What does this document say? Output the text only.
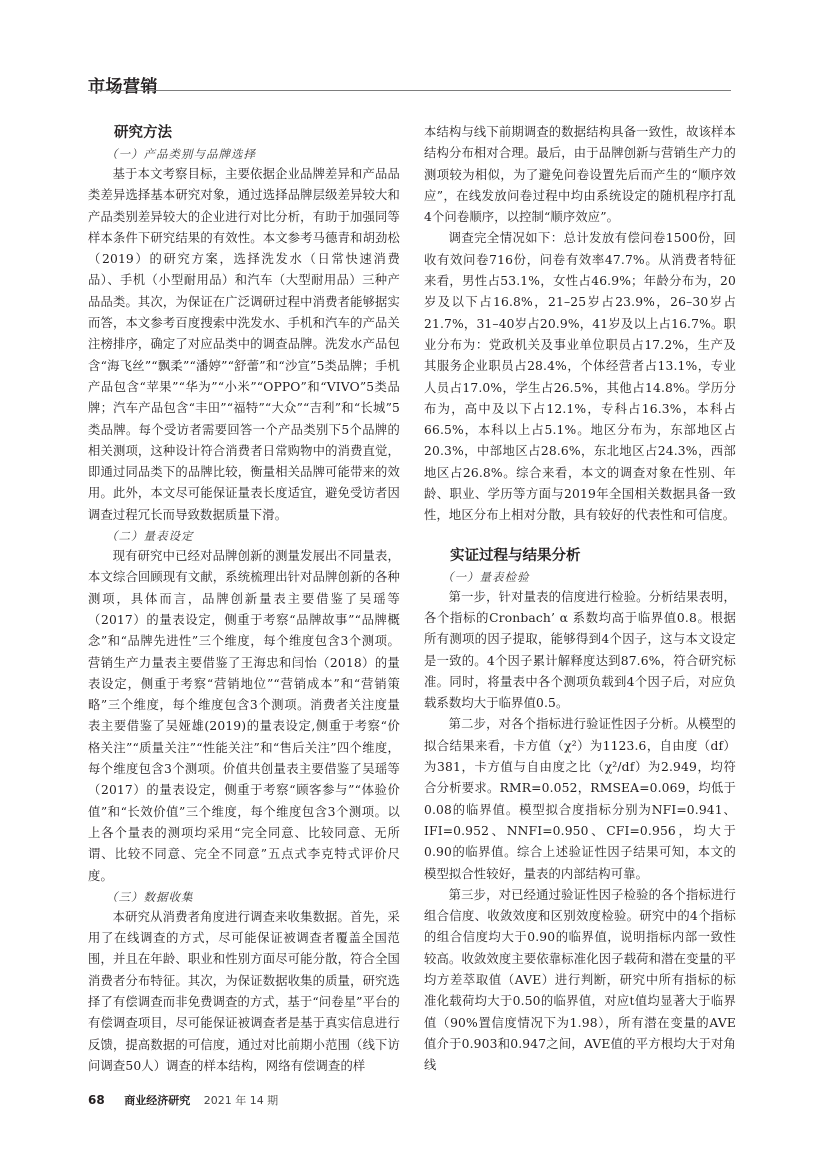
市场营销
研究方法
（一）产品类别与品牌选择

基于本文考察目标，主要依据企业品牌差异和产品品类差异选择基本研究对象，通过选择品牌层级差异较大和产品类别差异较大的企业进行对比分析，有助于加强同等样本条件下研究结果的有效性。本文参考马德青和胡劲松（2019）的研究方案，选择洗发水（日常快速消费品）、手机（小型耐用品）和汽车（大型耐用品）三种产品品类。其次，为保证在广泛调研过程中消费者能够据实而答，本文参考百度搜索中洗发水、手机和汽车的产品关注榜排序，确定了对应品类中的调查品牌。洗发水产品包含“海飞丝”“飘柔”“潘婷”“舒蕾”和“沙宣”5类品牌；手机产品包含“苹果”“华为”“小米”“OPPO”和“VIVO”5类品牌；汽车产品包含“丰田”“福特”“大众”“吉利”和“长城”5类品牌。每个受访者需要回答一个产品类别下5个品牌的相关测项，这种设计符合消费者日常购物中的消费直觉，即通过同品类下的品牌比较，衡量相关品牌可能带来的效用。此外，本文尽可能保证量表长度适宜，避免受访者因调查过程冗长而导致数据质量下滑。

（二）量表设定

现有研究中已经对品牌创新的测量发展出不同量表，本文综合回顾现有文献，系统梳理出针对品牌创新的各种测项，具体而言，品牌创新量表主要借鉴了吴瑶等（2017）的量表设定，侧重于考察“品牌故事”“品牌概念”和“品牌先进性”三个维度，每个维度包含3个测项。营销生产力量表主要借鉴了王海忠和闫怡（2018）的量表设定，侧重于考察“营销地位”“营销成本”和“营销策略”三个维度，每个维度包含3个测项。消费者关注度量表主要借鉴了吴娅雄(2019)的量表设定,侧重于考察“价格关注”“质量关注”“性能关注”和“售后关注”四个维度，每个维度包含3个测项。价值共创量表主要借鉴了吴瑶等（2017）的量表设定，侧重于考察“顾客参与”“体验价值”和“长效价值”三个维度，每个维度包含3个测项。以上各个量表的测项均采用“完全同意、比较同意、无所谓、比较不同意、完全不同意”五点式李克特式评价尺度。

（三）数据收集

本研究从消费者角度进行调查来收集数据。首先，采用了在线调查的方式，尽可能保证被调查者覆盖全国范围，并且在年龄、职业和性别方面尽可能分散，符合全国消费者分布特征。其次，为保证数据收集的质量，研究选择了有偿调查而非免费调查的方式，基于“问卷星”平台的有偿调查项目，尽可能保证被调查者是基于真实信息进行反馈，提高数据的可信度，通过对比前期小范围（线下访问调查50人）调查的样本结构，网络有偿调查的样

本结构与线下前期调查的数据结构具备一致性，故该样本结构分布相对合理。最后，由于品牌创新与营销生产力的测项较为相似，为了避免问卷设置先后而产生的“顺序效应”，在线发放问卷过程中均由系统设定的随机程序打乱4个问卷顺序，以控制“顺序效应”。

调查完全情况如下：总计发放有偿问卷1500份，回收有效问卷716份，问卷有效率47.7%。从消费者特征来看，男性占53.1%，女性占46.9%；年龄分布为，20岁及以下占16.8%，21–25岁占23.9%，26–30岁占21.7%，31–40岁占20.9%，41岁及以上占16.7%。职业分布为：党政机关及事业单位职员占17.2%，生产及其服务企业职员占28.4%，个体经营者占13.1%，专业人员占17.0%，学生占26.5%，其他占14.8%。学历分布为，高中及以下占12.1%，专科占16.3%，本科占66.5%，本科以上占5.1%。地区分布为，东部地区占20.3%，中部地区占28.6%，东北地区占24.3%，西部地区占26.8%。综合来看，本文的调查对象在性别、年龄、职业、学历等方面与2019年全国相关数据具备一致性，地区分布上相对分散，具有较好的代表性和可信度。

实证过程与结果分析
（一）量表检验

第一步，针对量表的信度进行检验。分析结果表明，各个指标的Cronbach’ α 系数均高于临界值0.8。根据所有测项的因子提取，能够得到4个因子，这与本文设定是一致的。4个因子累计解释度达到87.6%，符合研究标准。同时，将量表中各个测项负载到4个因子后，对应负载系数均大于临界值0.5。

第二步，对各个指标进行验证性因子分析。从模型的拟合结果来看，卡方值（χ²）为1123.6，自由度（df）为381，卡方值与自由度之比（χ²/df）为2.949，均符合分析要求。RMR=0.052，RMSEA=0.069，均低于0.08的临界值。模型拟合度指标分别为NFI=0.941、IFI=0.952、NNFI=0.950、CFI=0.956，均大于0.90的临界值。综合上述验证性因子结果可知，本文的模型拟合性较好，量表的内部结构可靠。

第三步，对已经通过验证性因子检验的各个指标进行组合信度、收敛效度和区别效度检验。研究中的4个指标的组合信度均大于0.90的临界值，说明指标内部一致性较高。收敛效度主要依靠标准化因子载荷和潜在变量的平均方差萃取值（AVE）进行判断，研究中所有指标的标准化载荷均大于0.50的临界值，对应t值均显著大于临界值（90%置信度情况下为1.98），所有潜在变量的AVE值介于0.903和0.947之间，AVE值的平方根均大于对角线

68 商业经济研究 2021 年 14 期
